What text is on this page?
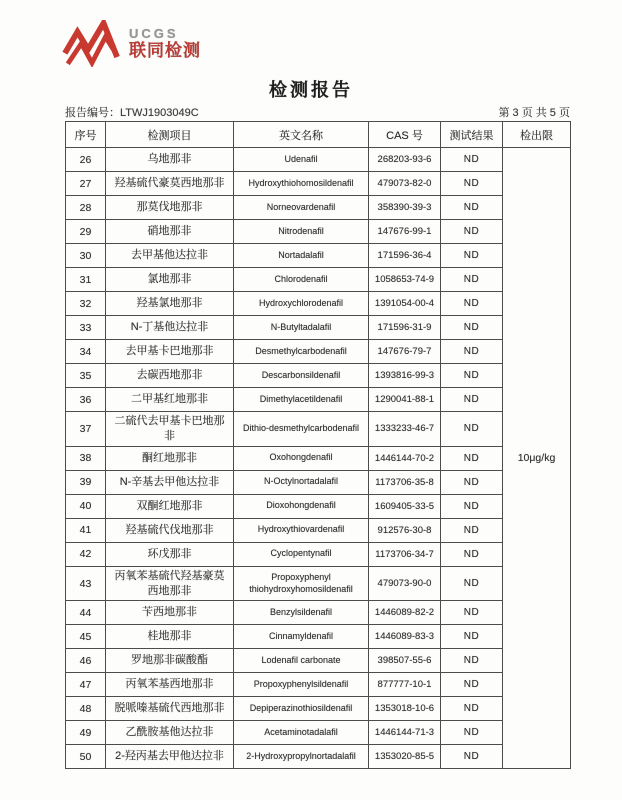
UCGS
联同检测
检测报告
报告编号：LTWJ1903049C	第 3 页 共 5 页
序号	检测项目	英文名称	CAS 号	测试结果	检出限
26	乌地那非	Udenafil	268203-93-6	ND	10μg/kg
27	羟基硫代豪莫西地那非	Hydroxythiohomosildenafil	479073-82-0	ND	
28	那莫伐地那非	Norneovardenafil	358390-39-3	ND	
29	硝地那非	Nitrodenafil	147676-99-1	ND	
30	去甲基他达拉非	Nortadalafil	171596-36-4	ND	
31	氯地那非	Chlorodenafil	1058653-74-9	ND	
32	羟基氯地那非	Hydroxychlorodenafil	1391054-00-4	ND	
33	N-丁基他达拉非	N-Butyltadalafil	171596-31-9	ND	
34	去甲基卡巴地那非	Desmethylcarbodenafil	147676-79-7	ND	
35	去碳西地那非	Descarbonsildenafil	1393816-99-3	ND	
36	二甲基红地那非	Dimethylacetildenafil	1290041-88-1	ND	
37	二硫代去甲基卡巴地那非	Dithio-desmethylcarbodenafil	1333233-46-7	ND	
38	酮红地那非	Oxohongdenafil	1446144-70-2	ND	
39	N-辛基去甲他达拉非	N-Octylnortadalafil	1173706-35-8	ND	
40	双酮红地那非	Dioxohongdenafil	1609405-33-5	ND	
41	羟基硫代伐地那非	Hydroxythiovardenafil	912576-30-8	ND	
42	环戊那非	Cyclopentynafil	1173706-34-7	ND	
43	丙氧苯基硫代羟基豪莫西地那非	Propoxyphenyl thiohydroxyhomosildenafil	479073-90-0	ND	
44	苄西地那非	Benzylsildenafil	1446089-82-2	ND	
45	桂地那非	Cinnamyldenafil	1446089-83-3	ND	
46	罗地那非碳酸酯	Lodenafil carbonate	398507-55-6	ND	
47	丙氧苯基西地那非	Propoxyphenylsildenafil	877777-10-1	ND	
48	脱哌嗪基硫代西地那非	Depiperazinothiosildenafil	1353018-10-6	ND	
49	乙酰胺基他达拉非	Acetaminotadalafil	1446144-71-3	ND	
50	2-羟丙基去甲他达拉非	2-Hydroxypropylnortadalafil	1353020-85-5	ND	
